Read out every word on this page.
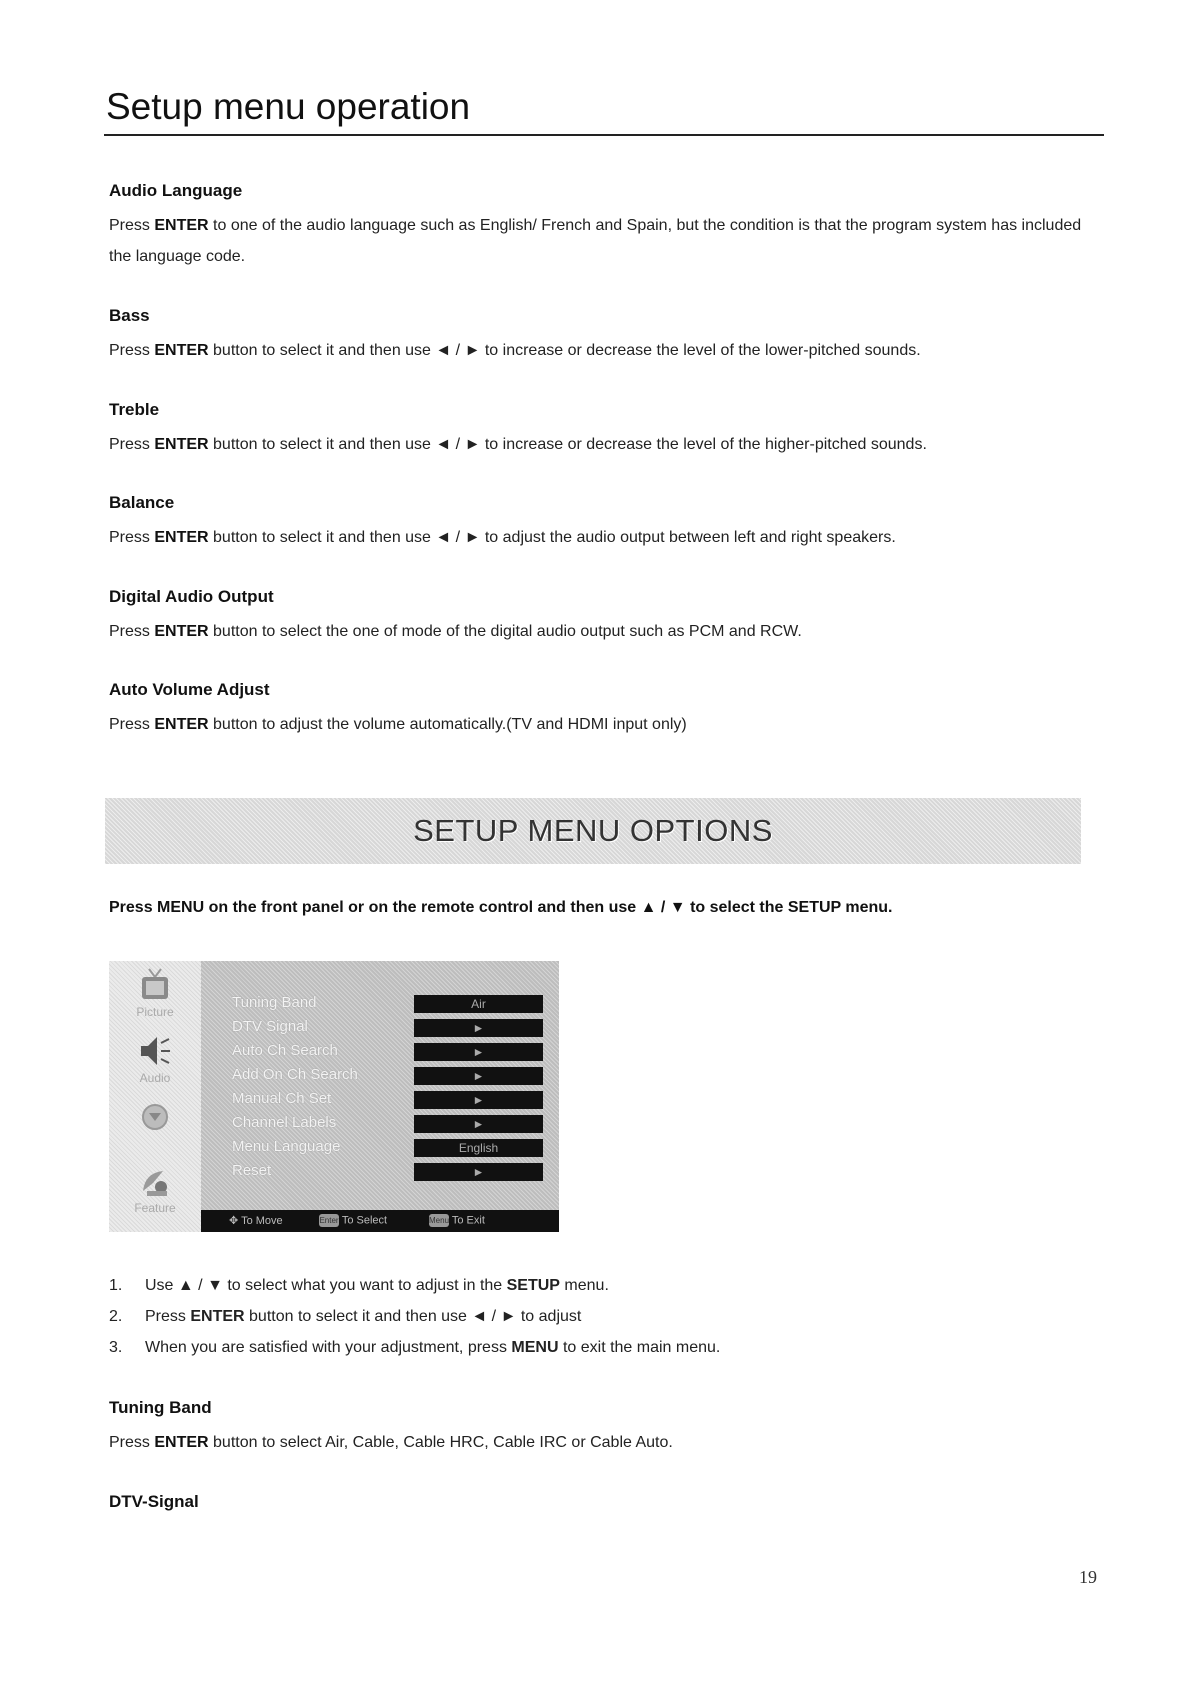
Setup menu operation
Audio Language

Press ENTER to one of the audio language such as English/ French and Spain, but the condition is that the program system has included the language code.

Bass

Press ENTER button to select it and then use ◄ / ► to increase or decrease the level of the lower-pitched sounds.

Treble

Press ENTER button to select it and then use ◄ / ► to increase or decrease the level of the higher-pitched sounds.

Balance

Press ENTER button to select it and then use ◄ / ► to adjust the audio output between left and right speakers.

Digital Audio Output

Press ENTER button to select the one of mode of the digital audio output such as PCM and RCW.

Auto Volume Adjust

Press ENTER button to adjust the volume automatically.(TV and HDMI input only)

SETUP MENU OPTIONS
Press MENU on the front panel or on the remote control and then use ▲ / ▼ to select the SETUP menu.
Picture
Audio
Feature
Tuning Band	Air
DTV Signal	►
Auto Ch Search	►
Add On Ch Search	►
Manual Ch Set	►
Channel Labels	►
Menu Language	English
Reset	►
✥ To Move	Enter To Select	Menu To Exit
1. Use ▲ / ▼ to select what you want to adjust in the SETUP menu.
2. Press ENTER button to select it and then use ◄ / ► to adjust
3. When you are satisfied with your adjustment, press MENU to exit the main menu.
Tuning Band

Press ENTER button to select Air, Cable, Cable HRC, Cable IRC or Cable Auto.

DTV-Signal
19
